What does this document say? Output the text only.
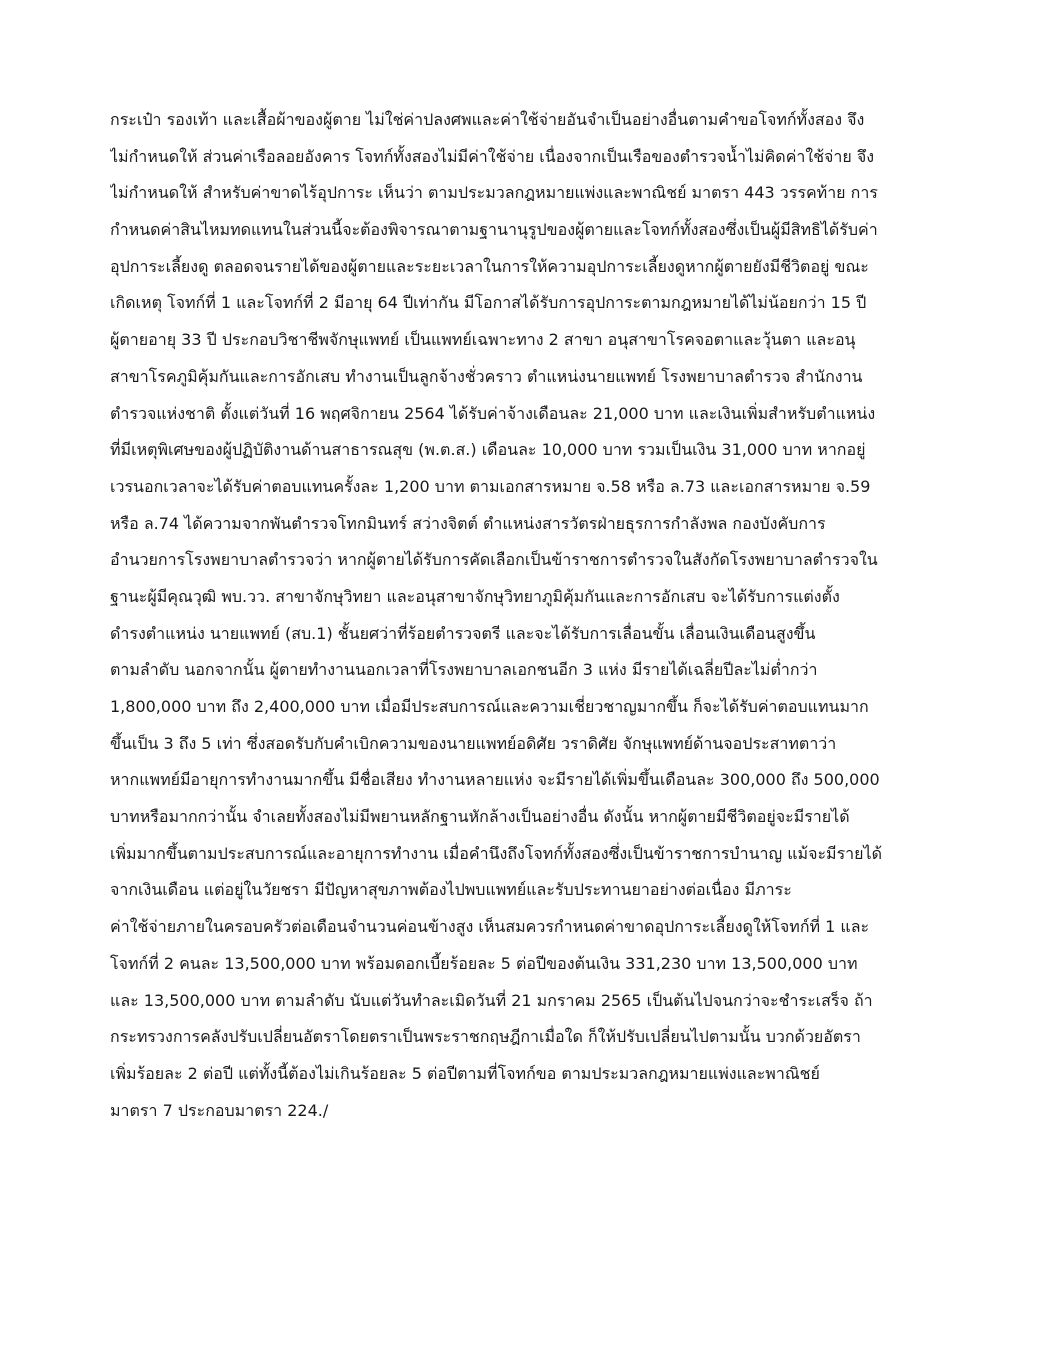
กระเป๋า รองเท้า และเสื้อผ้าของผู้ตาย ไม่ใช่ค่าปลงศพและค่าใช้จ่ายอันจำเป็นอย่างอื่นตามคำขอโจทก์ทั้งสอง จึง
ไม่กำหนดให้ ส่วนค่าเรือลอยอังคาร โจทก์ทั้งสองไม่มีค่าใช้จ่าย เนื่องจากเป็นเรือของตำรวจน้ำไม่คิดค่าใช้จ่าย จึง
ไม่กำหนดให้ สำหรับค่าขาดไร้อุปการะ เห็นว่า ตามประมวลกฎหมายแพ่งและพาณิชย์ มาตรา 443 วรรคท้าย การ
กำหนดค่าสินไหมทดแทนในส่วนนี้จะต้องพิจารณาตามฐานานุรูปของผู้ตายและโจทก์ทั้งสองซึ่งเป็นผู้มีสิทธิได้รับค่า
อุปการะเลี้ยงดู ตลอดจนรายได้ของผู้ตายและระยะเวลาในการให้ความอุปการะเลี้ยงดูหากผู้ตายยังมีชีวิตอยู่ ขณะ
เกิดเหตุ โจทก์ที่ 1 และโจทก์ที่ 2 มีอายุ 64 ปีเท่ากัน มีโอกาสได้รับการอุปการะตามกฎหมายได้ไม่น้อยกว่า 15 ปี
ผู้ตายอายุ 33 ปี ประกอบวิชาชีพจักษุแพทย์ เป็นแพทย์เฉพาะทาง 2 สาขา อนุสาขาโรคจอตาและวุ้นตา และอนุ
สาขาโรคภูมิคุ้มกันและการอักเสบ ทำงานเป็นลูกจ้างชั่วคราว ตำแหน่งนายแพทย์ โรงพยาบาลตำรวจ สำนักงาน
ตำรวจแห่งชาติ ตั้งแต่วันที่ 16 พฤศจิกายน 2564 ได้รับค่าจ้างเดือนละ 21,000 บาท และเงินเพิ่มสำหรับตำแหน่ง
ที่มีเหตุพิเศษของผู้ปฏิบัติงานด้านสาธารณสุข (พ.ต.ส.) เดือนละ 10,000 บาท รวมเป็นเงิน 31,000 บาท หากอยู่
เวรนอกเวลาจะได้รับค่าตอบแทนครั้งละ 1,200 บาท ตามเอกสารหมาย จ.58 หรือ ล.73 และเอกสารหมาย จ.59
หรือ ล.74 ได้ความจากพันตำรวจโทกมินทร์ สว่างจิตต์ ตำแหน่งสารวัตรฝ่ายธุรการกำลังพล กองบังคับการ
อำนวยการโรงพยาบาลตำรวจว่า หากผู้ตายได้รับการคัดเลือกเป็นข้าราชการตำรวจในสังกัดโรงพยาบาลตำรวจใน
ฐานะผู้มีคุณวุฒิ พบ.วว. สาขาจักษุวิทยา และอนุสาขาจักษุวิทยาภูมิคุ้มกันและการอักเสบ จะได้รับการแต่งตั้ง
ดำรงตำแหน่ง นายแพทย์ (สบ.1) ชั้นยศว่าที่ร้อยตำรวจตรี และจะได้รับการเลื่อนขั้น เลื่อนเงินเดือนสูงขึ้น
ตามลำดับ นอกจากนั้น ผู้ตายทำงานนอกเวลาที่โรงพยาบาลเอกชนอีก 3 แห่ง มีรายได้เฉลี่ยปีละไม่ต่ำกว่า
1,800,000 บาท ถึง 2,400,000 บาท เมื่อมีประสบการณ์และความเชี่ยวชาญมากขึ้น ก็จะได้รับค่าตอบแทนมาก
ขึ้นเป็น 3 ถึง 5 เท่า ซึ่งสอดรับกับคำเบิกความของนายแพทย์อดิศัย วราดิศัย จักษุแพทย์ด้านจอประสาทตาว่า
หากแพทย์มีอายุการทำงานมากขึ้น มีชื่อเสียง ทำงานหลายแห่ง จะมีรายได้เพิ่มขึ้นเดือนละ 300,000 ถึง 500,000
บาทหรือมากกว่านั้น จำเลยทั้งสองไม่มีพยานหลักฐานหักล้างเป็นอย่างอื่น ดังนั้น หากผู้ตายมีชีวิตอยู่จะมีรายได้
เพิ่มมากขึ้นตามประสบการณ์และอายุการทำงาน เมื่อคำนึงถึงโจทก์ทั้งสองซึ่งเป็นข้าราชการบำนาญ แม้จะมีรายได้
จากเงินเดือน แต่อยู่ในวัยชรา มีปัญหาสุขภาพต้องไปพบแพทย์และรับประทานยาอย่างต่อเนื่อง มีภาระ
ค่าใช้จ่ายภายในครอบครัวต่อเดือนจำนวนค่อนข้างสูง เห็นสมควรกำหนดค่าขาดอุปการะเลี้ยงดูให้โจทก์ที่ 1 และ
โจทก์ที่ 2 คนละ 13,500,000 บาท พร้อมดอกเบี้ยร้อยละ 5 ต่อปีของต้นเงิน 331,230 บาท 13,500,000 บาท
และ 13,500,000 บาท ตามลำดับ นับแต่วันทำละเมิดวันที่ 21 มกราคม 2565 เป็นต้นไปจนกว่าจะชำระเสร็จ ถ้า
กระทรวงการคลังปรับเปลี่ยนอัตราโดยตราเป็นพระราชกฤษฎีกาเมื่อใด ก็ให้ปรับเปลี่ยนไปตามนั้น บวกด้วยอัตรา
เพิ่มร้อยละ 2 ต่อปี แต่ทั้งนี้ต้องไม่เกินร้อยละ 5 ต่อปีตามที่โจทก์ขอ ตามประมวลกฎหมายแพ่งและพาณิชย์
มาตรา 7 ประกอบมาตรา 224./
